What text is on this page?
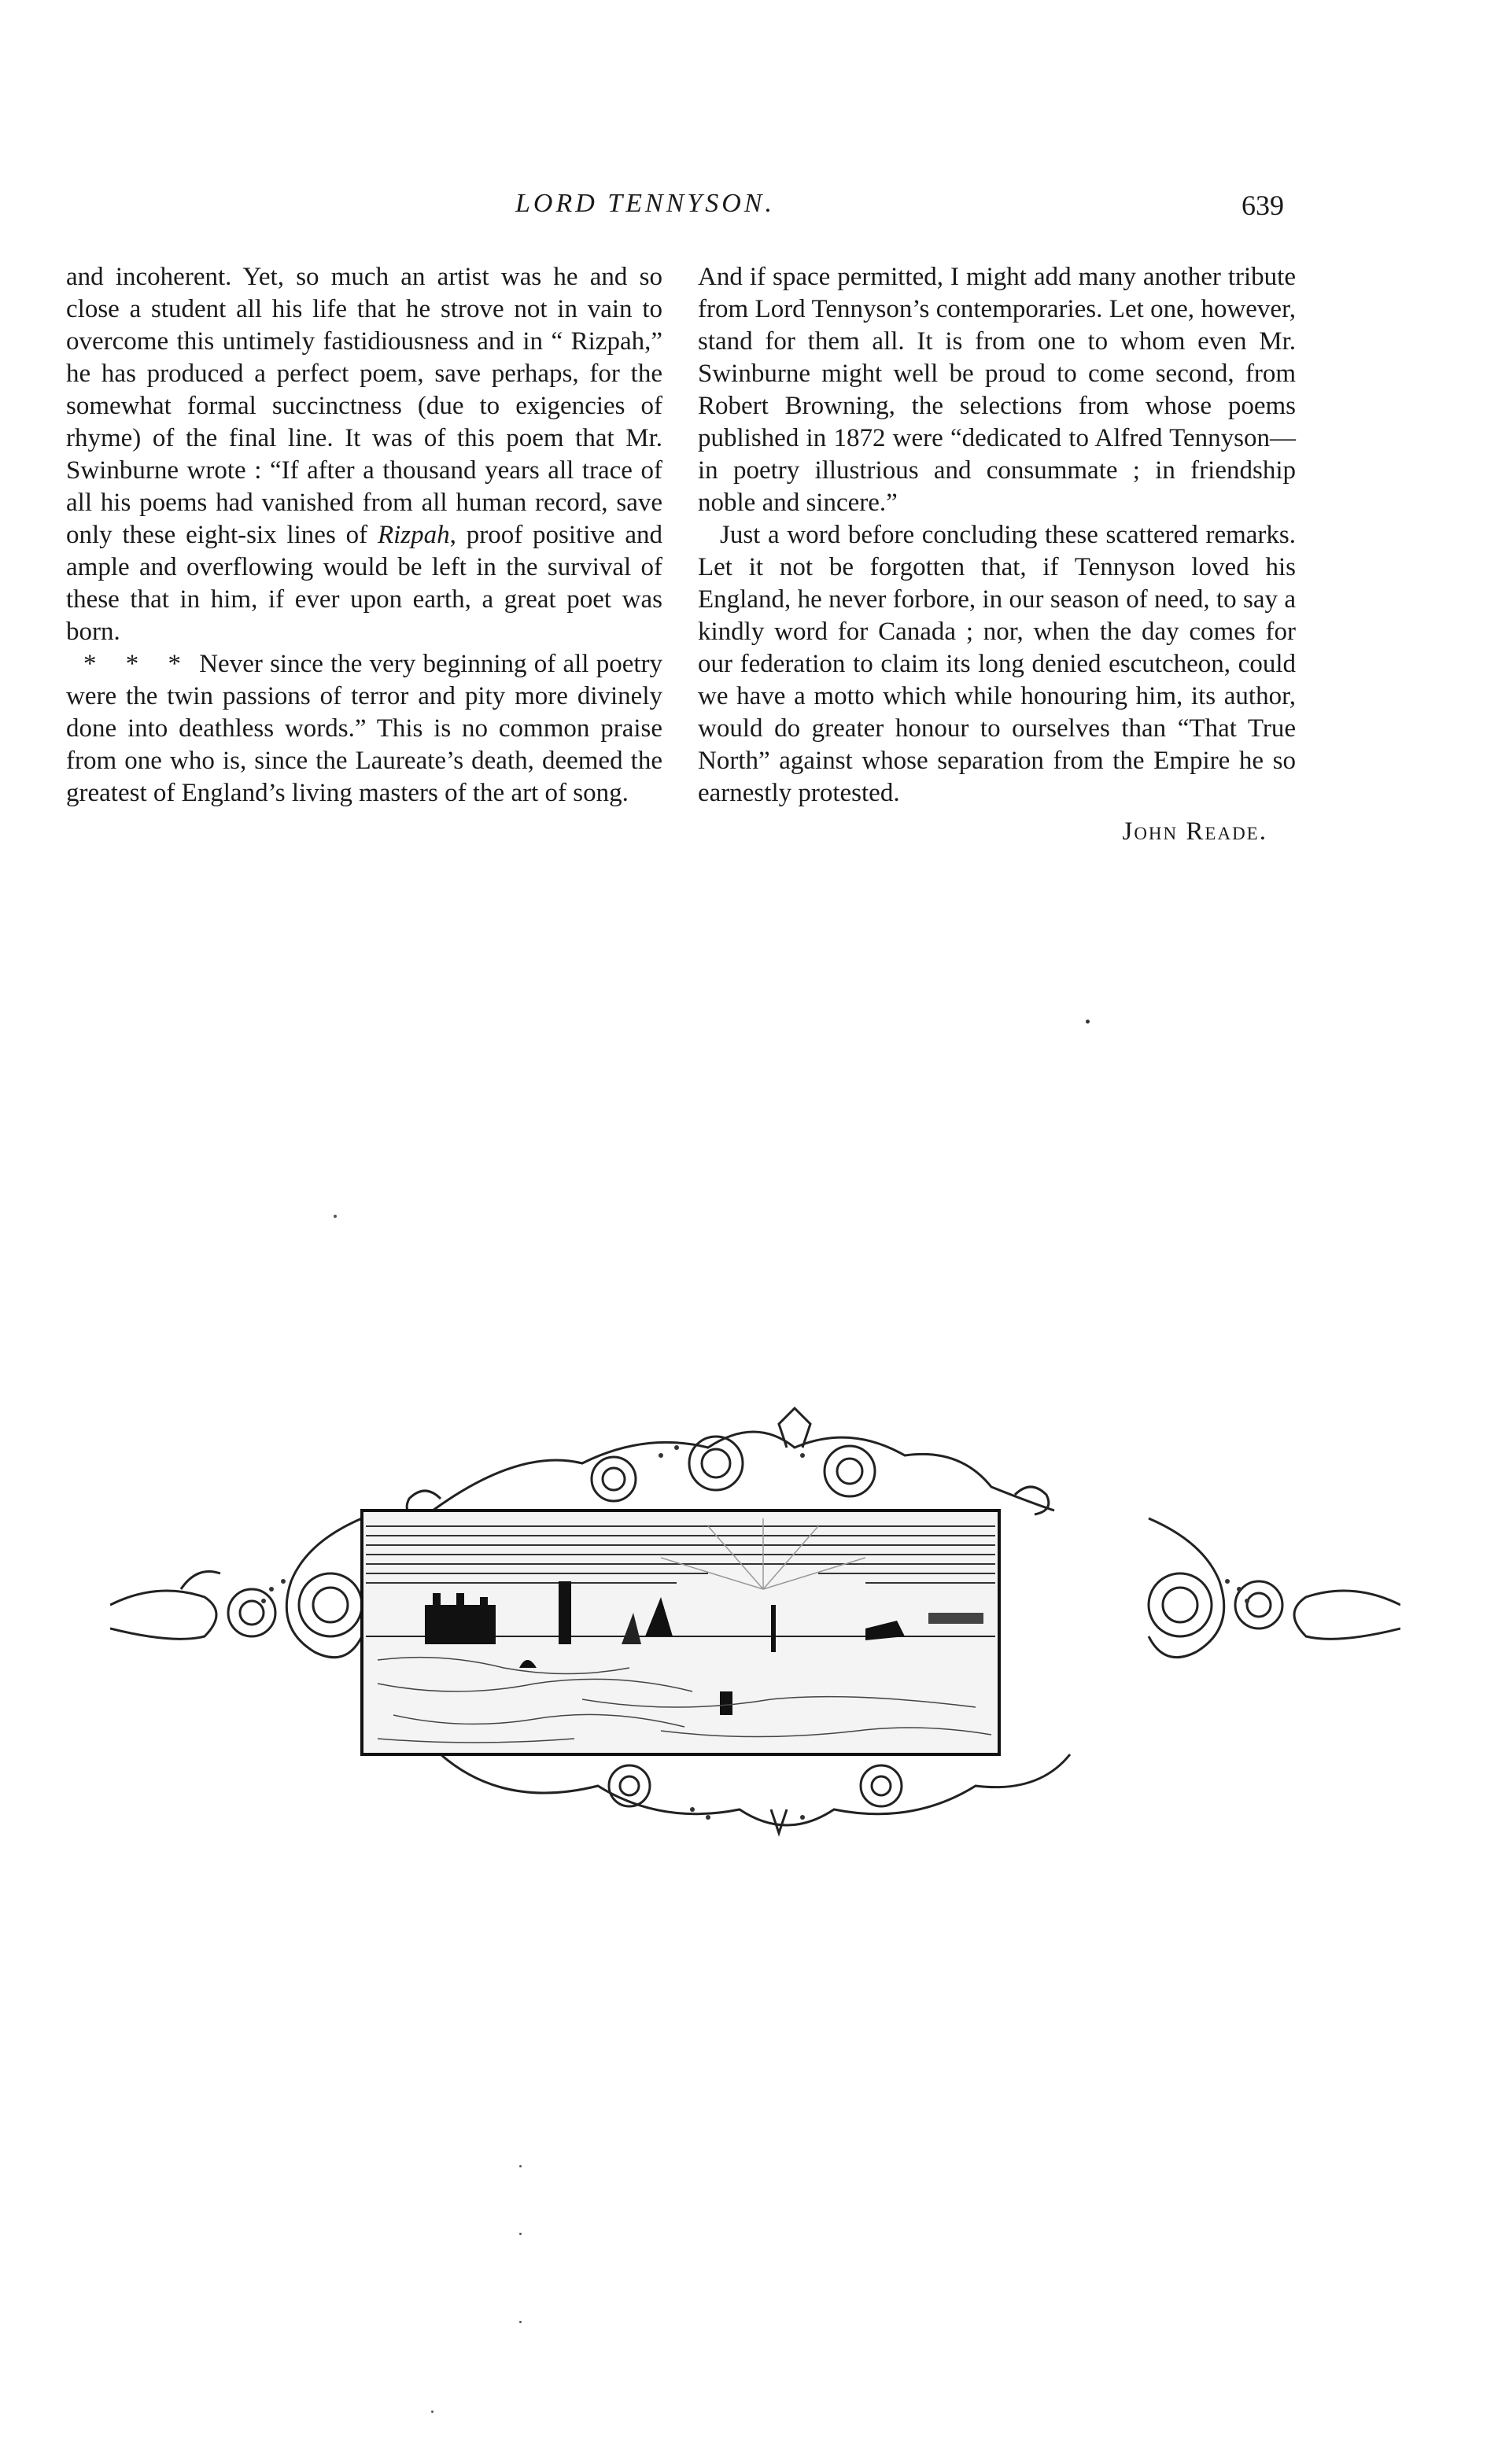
LORD TENNYSON.	639

and incoherent. Yet, so much an artist was he and so close a student all his life that he strove not in vain to overcome this untimely fastidiousness and in “ Rizpah,” he has produced a perfect poem, save perhaps, for the somewhat formal succinctness (due to exigencies of rhyme) of the final line. It was of this poem that Mr. Swinburne wrote : “If after a thousand years all trace of all his poems had vanished from all human record, save only these eight-six lines of Rizpah, proof positive and ample and overflowing would be left in the survival of these that in him, if ever upon earth, a great poet was born.

* * * Never since the very beginning of all poetry were the twin passions of terror and pity more divinely done into deathless words.” This is no common praise from one who is, since the Laureate’s death, deemed the greatest of England’s living masters of the art of song.

And if space permitted, I might add many another tribute from Lord Tennyson’s contemporaries. Let one, however, stand for them all. It is from one to whom even Mr. Swinburne might well be proud to come second, from Robert Browning, the selections from whose poems published in 1872 were “dedicated to Alfred Tennyson—in poetry illustrious and consummate ; in friendship noble and sincere.”

Just a word before concluding these scattered remarks. Let it not be forgotten that, if Tennyson loved his England, he never forbore, in our season of need, to say a kindly word for Canada ; nor, when the day comes for our federation to claim its long denied escutcheon, could we have a motto which while honouring him, its author, would do greater honour to ourselves than “That True North” against whose separation from the Empire he so earnestly protested.

John Reade.
